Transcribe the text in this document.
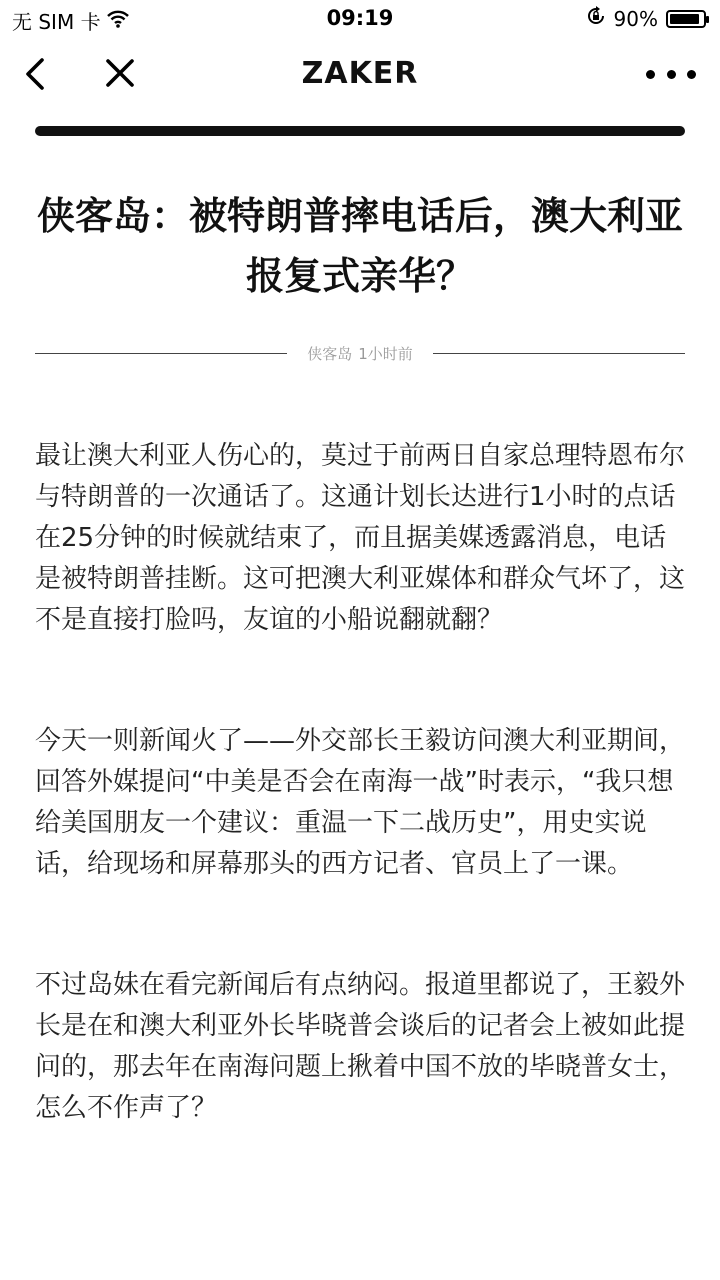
无 SIM 卡	09:19	90%
ZAKER
侠客岛：被特朗普摔电话后，澳大利亚报复式亲华？
侠客岛 1小时前

最让澳大利亚人伤心的，莫过于前两日自家总理特恩布尔与特朗普的一次通话了。这通计划长达进行1小时的点话在25分钟的时候就结束了，而且据美媒透露消息，电话是被特朗普挂断。这可把澳大利亚媒体和群众气坏了，这不是直接打脸吗，友谊的小船说翻就翻？

今天一则新闻火了——外交部长王毅访问澳大利亚期间，回答外媒提问“中美是否会在南海一战”时表示，“我只想给美国朋友一个建议：重温一下二战历史”，用史实说话，给现场和屏幕那头的西方记者、官员上了一课。

不过岛妹在看完新闻后有点纳闷。报道里都说了，王毅外长是在和澳大利亚外长毕晓普会谈后的记者会上被如此提问的，那去年在南海问题上揪着中国不放的毕晓普女士，怎么不作声了？
